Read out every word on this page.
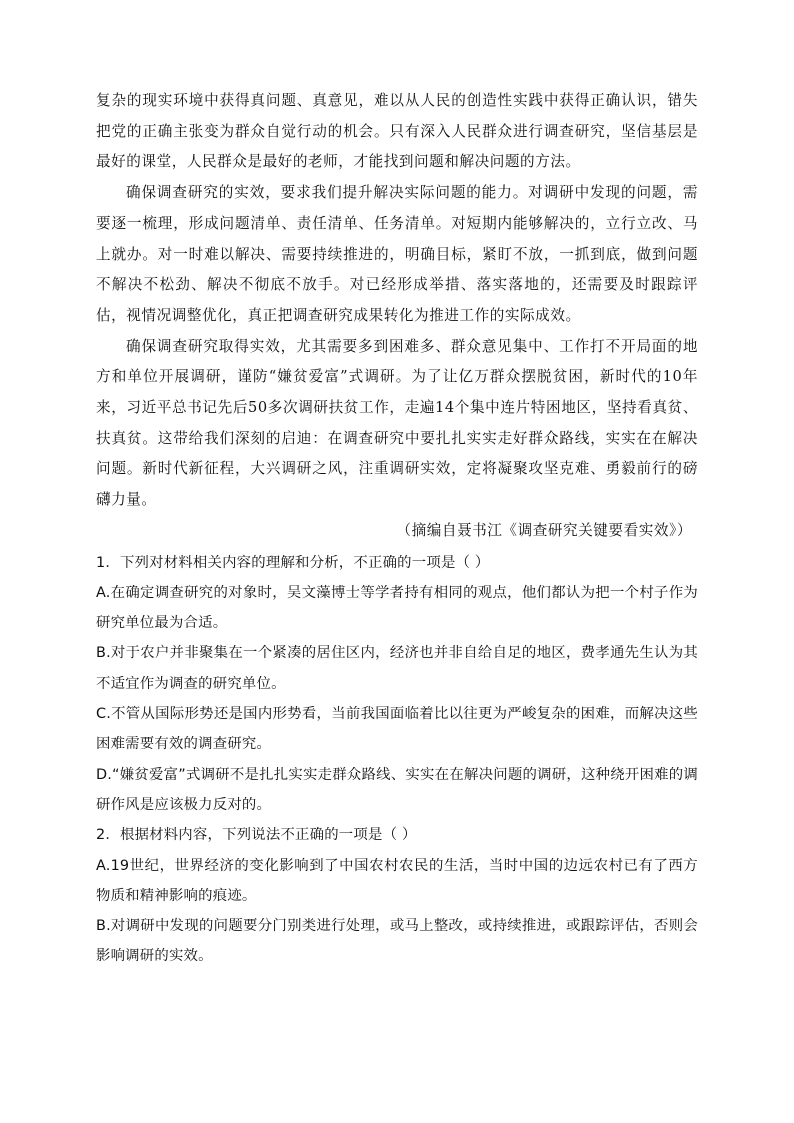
复杂的现实环境中获得真问题、真意见，难以从人民的创造性实践中获得正确认识，错失把党的正确主张变为群众自觉行动的机会。只有深入人民群众进行调查研究，坚信基层是最好的课堂，人民群众是最好的老师，才能找到问题和解决问题的方法。

确保调查研究的实效，要求我们提升解决实际问题的能力。对调研中发现的问题，需要逐一梳理，形成问题清单、责任清单、任务清单。对短期内能够解决的，立行立改、马上就办。对一时难以解决、需要持续推进的，明确目标，紧盯不放，一抓到底，做到问题不解决不松劲、解决不彻底不放手。对已经形成举措、落实落地的，还需要及时跟踪评估，视情况调整优化，真正把调查研究成果转化为推进工作的实际成效。

确保调查研究取得实效，尤其需要多到困难多、群众意见集中、工作打不开局面的地方和单位开展调研，谨防“嫌贫爱富”式调研。为了让亿万群众摆脱贫困，新时代的10年来，习近平总书记先后50多次调研扶贫工作，走遍14个集中连片特困地区，坚持看真贫、扶真贫。这带给我们深刻的启迪：在调查研究中要扎扎实实走好群众路线，实实在在解决问题。新时代新征程，大兴调研之风，注重调研实效，定将凝聚攻坚克难、勇毅前行的磅礴力量。

（摘编自聂书江《调查研究关键要看实效》）

1．下列对材料相关内容的理解和分析，不正确的一项是（ ）

A.在确定调查研究的对象时，吴文藻博士等学者持有相同的观点，他们都认为把一个村子作为研究单位最为合适。

B.对于农户并非聚集在一个紧凑的居住区内，经济也并非自给自足的地区，费孝通先生认为其不适宜作为调查的研究单位。

C.不管从国际形势还是国内形势看，当前我国面临着比以往更为严峻复杂的困难，而解决这些困难需要有效的调查研究。

D.“嫌贫爱富”式调研不是扎扎实实走群众路线、实实在在解决问题的调研，这种绕开困难的调研作风是应该极力反对的。

2．根据材料内容，下列说法不正确的一项是（ ）

A.19世纪，世界经济的变化影响到了中国农村农民的生活，当时中国的边远农村已有了西方物质和精神影响的痕迹。

B.对调研中发现的问题要分门别类进行处理，或马上整改，或持续推进，或跟踪评估，否则会影响调研的实效。
